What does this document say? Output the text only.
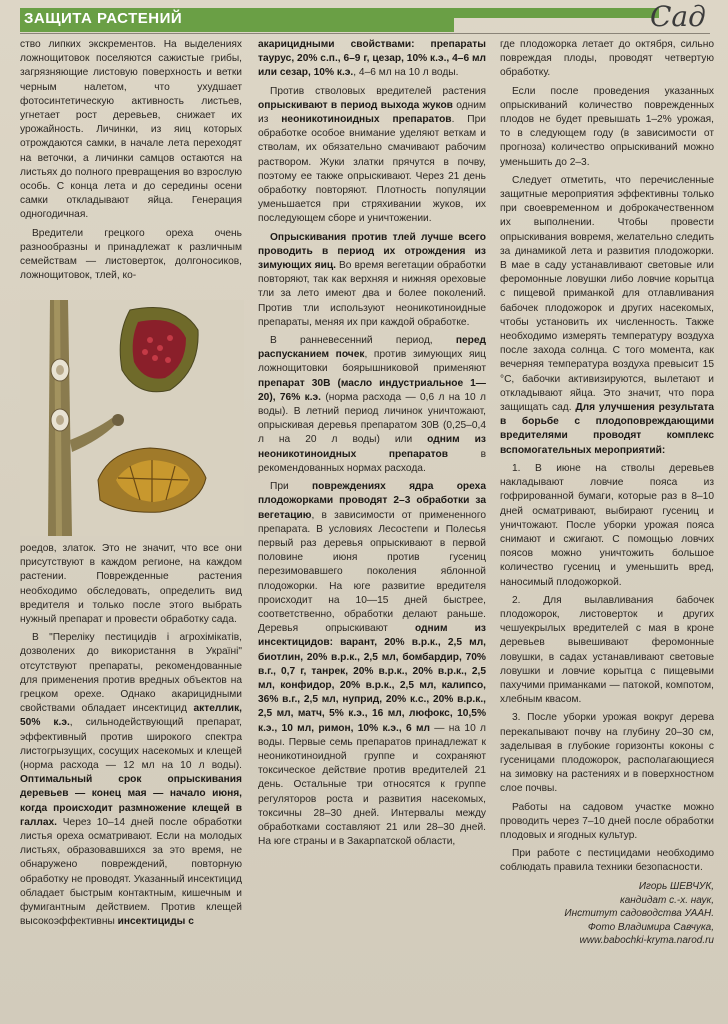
ЗАЩИТА РАСТЕНИЙ	Сад

ство липких экскрементов. На выделениях ложнощитовок поселяются сажистые грибы, загрязняющие листовую поверхность и ветки черным налетом, что ухудшает фотосинтетическую активность листьев, угнетает рост деревьев, снижает их урожайность. Личинки, из яиц которых отрождаются самки, в начале лета переходят на веточки, а личинки самцов остаются на листьях до полного превращения во взрослую особь. С конца лета и до середины осени самки откладывают яйца. Генерация одногодичная.

Вредители грецкого ореха очень разнообразны и принадлежат к различным семействам — листоверток, долгоносиков, ложнощитовок, тлей, ко-

роедов, златок. Это не значит, что все они присутствуют в каждом регионе, на каждом растении. Поврежденные растения необходимо обследовать, определить вид вредителя и только после этого выбрать нужный препарат и провести обработку сада.

В "Переліку пестицидів і агрохімікатів, дозволених до використання в Україні" отсутствуют препараты, рекомендованные для применения против вредных объектов на грецком орехе. Однако акарицидными свойствами обладает инсектицид актеллик, 50% к.э., сильнодействующий препарат, эффективный против широкого спектра листогрызущих, сосущих насекомых и клещей (норма расхода — 12 мл на 10 л воды). Оптимальный срок опрыскивания деревьев — конец мая — начало июня, когда происходит размножение клещей в галлах. Через 10–14 дней после обработки листья ореха осматривают. Если на молодых листьях, образовавшихся за это время, не обнаружено повреждений, повторную обработку не проводят. Указанный инсектицид обладает быстрым контактным, кишечным и фумигантным действием. Против клещей высокоэффективны инсектициды с

акарицидными свойствами: препараты таурус, 20% с.п., 6–9 г, цезар, 10% к.э., 4–6 мл или сезар, 10% к.э., 4–6 мл на 10 л воды.

Против стволовых вредителей растения опрыскивают в период выхода жуков одним из неоникотиноидных препаратов. При обработке особое внимание уделяют веткам и стволам, их обязательно смачивают рабочим раствором. Жуки златки прячутся в почву, поэтому ее также опрыскивают. Через 21 день обработку повторяют. Плотность популяции уменьшается при стряхивании жуков, их последующем сборе и уничтожении.

Опрыскивания против тлей лучше всего проводить в период их отрождения из зимующих яиц. Во время вегетации обработки повторяют, так как верхняя и нижняя ореховые тли за лето имеют два и более поколений. Против тли используют неоникотиноидные препараты, меняя их при каждой обработке.

В ранневесенний период, перед распусканием почек, против зимующих яиц ложнощитовки боярышниковой применяют препарат 30В (масло индустриальное 1—20), 76% к.э. (норма расхода — 0,6 л на 10 л воды). В летний период личинок уничтожают, опрыскивая деревья препаратом 30В (0,25–0,4 л на 20 л воды) или одним из неоникотиноидных препаратов в рекомендованных нормах расхода.

При повреждениях ядра ореха плодожорками проводят 2–3 обработки за вегетацию, в зависимости от примененного препарата. В условиях Лесостепи и Полесья первый раз деревья опрыскивают в первой половине июня против гусениц перезимовавшего поколения яблонной плодожорки. На юге развитие вредителя происходит на 10—15 дней быстрее, соответственно, обработки делают раньше. Деревья опрыскивают одним из инсектицидов: варант, 20% в.р.к., 2,5 мл, биотлин, 20% в.р.к., 2,5 мл, бомбардир, 70% в.г., 0,7 г, танрек, 20% в.р.к., 20% в.р.к., 2,5 мл, конфидор, 20% в.р.к., 2,5 мл, калипсо, 36% в.г., 2,5 мл, нуприд, 20% к.с., 20% в.р.к., 2,5 мл, матч, 5% к.э., 16 мл, люфокс, 10,5% к.э., 10 мл, римон, 10% к.э., 6 мл — на 10 л воды. Первые семь препаратов принадлежат к неоникотиноидной группе и сохраняют токсическое действие против вредителей 21 день. Остальные три относятся к группе регуляторов роста и развития насекомых, токсичны 28–30 дней. Интервалы между обработками составляют 21 или 28–30 дней. На юге страны и в Закарпатской области,

где плодожорка летает до октября, сильно повреждая плоды, проводят четвертую обработку.

Если после проведения указанных опрыскиваний количество поврежденных плодов не будет превышать 1–2% урожая, то в следующем году (в зависимости от прогноза) количество опрыскиваний можно уменьшить до 2–3.

Следует отметить, что перечисленные защитные мероприятия эффективны только при своевременном и доброкачественном их выполнении. Чтобы провести опрыскивания вовремя, желательно следить за динамикой лета и развития плодожорки. В мае в саду устанавливают световые или феромонные ловушки либо ловчие корытца с пищевой приманкой для отлавливания бабочек плодожорок и других насекомых, чтобы установить их численность. Также необходимо измерять температуру воздуха после захода солнца. С того момента, как вечерняя температура воздуха превысит 15 °С, бабочки активизируются, вылетают и откладывают яйца. Это значит, что пора защищать сад. Для улучшения результата в борьбе с плодоповреждающими вредителями проводят комплекс вспомогательных мероприятий:

1. В июне на стволы деревьев накладывают ловчие пояса из гофрированной бумаги, которые раз в 8–10 дней осматривают, выбирают гусениц и уничтожают. После уборки урожая пояса снимают и сжигают. С помощью ловчих поясов можно уничтожить большое количество гусениц и уменьшить вред, наносимый плодожоркой.

2. Для вылавливания бабочек плодожорок, листоверток и других чешуекрылых вредителей с мая в кроне деревьев вывешивают феромонные ловушки, в садах устанавливают световые ловушки и ловчие корытца с пищевыми пахучими приманками — патокой, компотом, хлебным квасом.

3. После уборки урожая вокруг дерева перекапывают почву на глубину 20–30 см, заделывая в глубокие горизонты коконы с гусеницами плодожорок, располагающиеся на зимовку на растениях и в поверхностном слое почвы.

Работы на садовом участке можно проводить через 7–10 дней после обработки плодовых и ягодных культур.

При работе с пестицидами необходимо соблюдать правила техники безопасности.

Игорь ШЕВЧУК,
кандидат с.-х. наук,
Институт садоводства УААН.
Фото Владимира Савчука,
www.babochki-kryma.narod.ru
